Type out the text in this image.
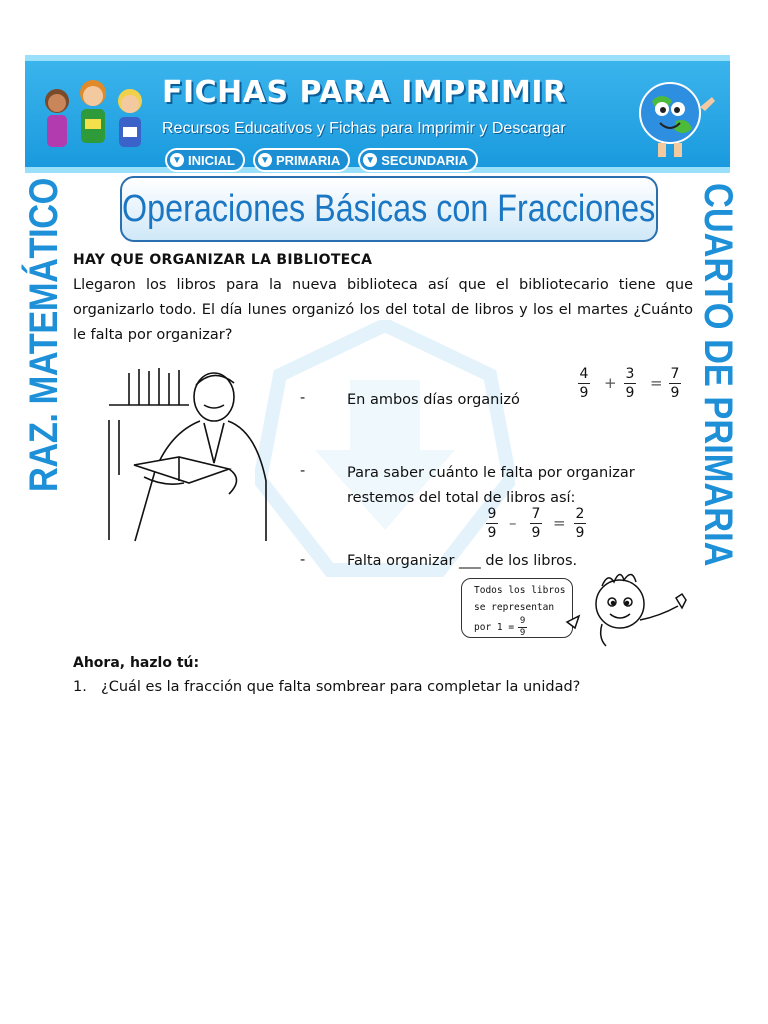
FICHAS PARA IMPRIMIR
Recursos Educativos y Fichas para Imprimir y Descargar
▼ INICIAL	▼ PRIMARIA	▼ SECUNDARIA
Operaciones Básicas con Fracciones
RAZ. MATEMÁTICO	CUARTO DE PRIMARIA
HAY QUE ORGANIZAR LA BIBLIOTECA

Llegaron los libros para la nueva biblioteca así que el bibliotecario tiene que organizarlo todo. El día lunes organizó los del total de libros y los el martes ¿Cuánto le falta por organizar?

-	En ambos días organizó
4
9
+ 3
9
= 7
9
-	Para saber cuánto le falta por organizar
restemos del total de libros así:
9
9
– 7
9
= 2
9
-	Falta organizar ___ de los libros.
Todos los libros
se representan
por 1 =
9
9
Ahora, hazlo tú:
1. ¿Cuál es la fracción que falta sombrear para completar la unidad?
